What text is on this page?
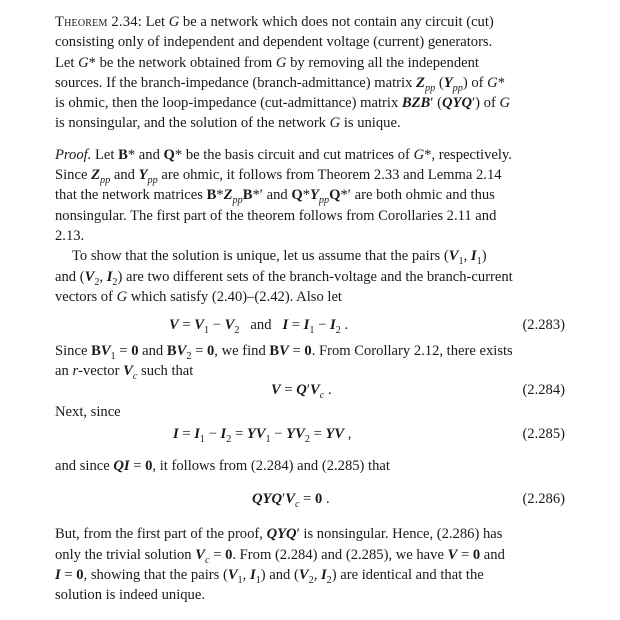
Theorem 2.34: Let G be a network which does not contain any circuit (cut)

consisting only of independent and dependent voltage (current) generators.

Let G* be the network obtained from G by removing all the independent

sources. If the branch-impedance (branch-admittance) matrix $Z_{pp}$ $(Y_{pp})$ of G*

is ohmic, then the loop-impedance (cut-admittance) matrix BZB′ (QYQ′) of G

is nonsingular, and the solution of the network G is unique.

Proof. Let B* and Q* be the basis circuit and cut matrices of G*, respectively.

Since $Z_{pp}$ and $Y_{pp}$ are ohmic, it follows from Theorem 2.33 and Lemma 2.14

that the network matrices $B*Z_{pp}B*'$ and $Q*Y_{pp}Q*'$ are both ohmic and thus

nonsingular. The first part of the theorem follows from Corollaries 2.11 and

2.13.

To show that the solution is unique, let us assume that the pairs ($V_1$, $I_1$)

and ($V_2$, $I_2$) are two different sets of the branch-voltage and the branch-current

vectors of G which satisfy (2.40)–(2.42). Also let

$V = V_1 - V_2$   and   $I = I_1 - I_2$ .	(2.283)

Since $BV_1 = 0$ and $BV_2 = 0$, we find BV = 0. From Corollary 2.12, there exists

an r-vector $V_c$ such that

$V = Q'V_c$ .	(2.284)

Next, since

$I = I_1 - I_2 = YV_1 - YV_2$ = YV ,	(2.285)

and since QI = 0, it follows from (2.284) and (2.285) that

$QYQ'V_c = 0$ .	(2.286)

But, from the first part of the proof, QYQ′ is nonsingular. Hence, (2.286) has

only the trivial solution $V_c = 0$. From (2.284) and (2.285), we have V = 0 and

I = 0, showing that the pairs ($V_1$, $I_1$) and ($V_2$, $I_2$) are identical and that the

solution is indeed unique.
